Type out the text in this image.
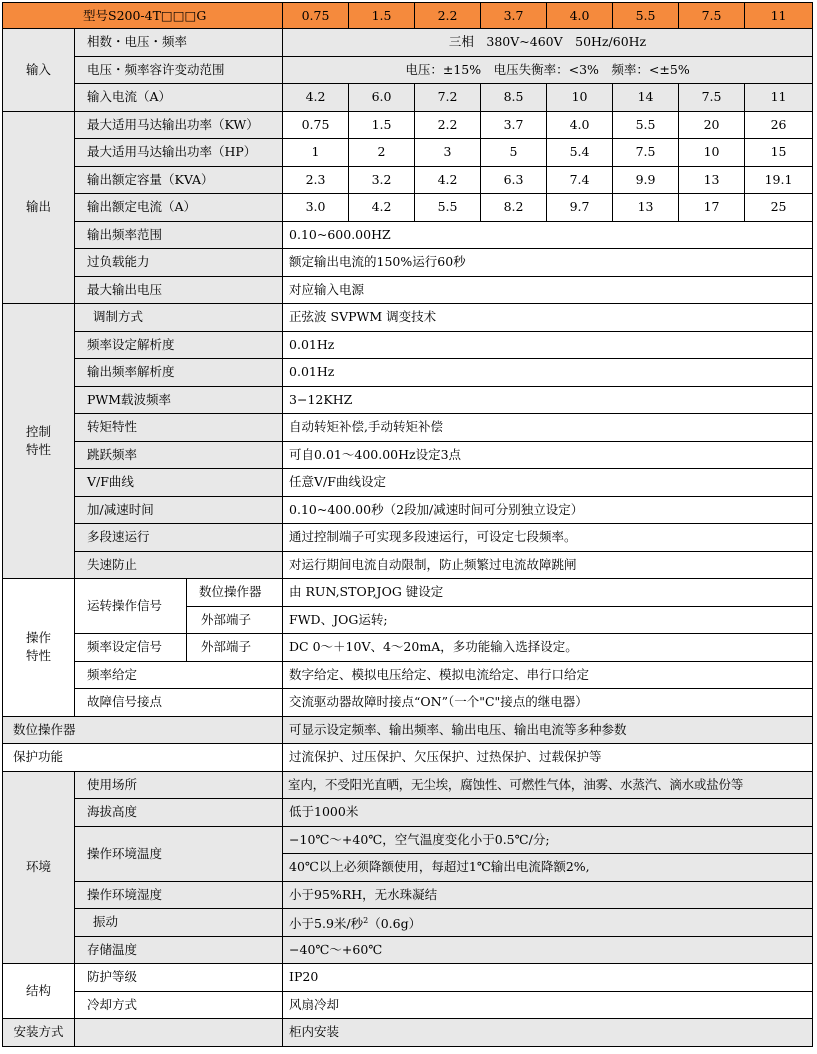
型号S200-4T□□□G			0.75	1.5	2.2	3.7	4.0	5.5	7.5	11
输入	相数・电压・频率		三相　380V~460V　50Hz/60Hz							
	电压・频率容许变动范围		电压：±15%　电压失衡率：<3%　频率：<±5%							
	输入电流（A）		4.2	6.0	7.2	8.5	10	14	7.5	11
输出	最大适用马达输出功率（KW）		0.75	1.5	2.2	3.7	4.0	5.5	20	26
	最大适用马达输出功率（HP）		1	2	3	5	5.4	7.5	10	15
	输出额定容量（KVA）		2.3	3.2	4.2	6.3	7.4	9.9	13	19.1
	输出额定电流（A）		3.0	4.2	5.5	8.2	9.7	13	17	25
	输出频率范围		0.10~600.00HZ							
	过负载能力		额定输出电流的150%运行60秒							
	最大输出电压		对应输入电源							

控制特性	调制方式		正弦波 SVPWM 调变技术							
	频率设定解析度		0.01Hz							
	输出频率解析度		0.01Hz							
	PWM载波频率		3−12KHZ							
	转矩特性		自动转矩补偿,手动转矩补偿							
	跳跃频率		可自0.01～400.00Hz设定3点							
	V/F曲线		任意V/F曲线设定							
	加/减速时间		0.10~400.00秒（2段加/减速时间可分别独立设定）							
	多段速运行		通过控制端子可实现多段速运行，可设定七段频率。							
	失速防止		对运行期间电流自动限制，防止频繁过电流故障跳闸							

操作特性	运转操作信号	数位操作器	由 RUN,STOP,JOG 键设定							
		外部端子	FWD、JOG运转;							
	频率设定信号	外部端子	DC 0～＋10V、4～20mA，多功能输入选择设定。							
	频率给定		数字给定、模拟电压给定、模拟电流给定、串行口给定							
	故障信号接点		交流驱动器故障时接点“ON”（一个"C"接点的继电器）							
数位操作器			可显示设定频率、输出频率、输出电压、输出电流等多种参数							
保护功能			过流保护、过压保护、欠压保护、过热保护、过载保护等							
环境	使用场所		室内，不受阳光直晒，无尘埃，腐蚀性、可燃性气体，油雾、水蒸汽、滴水或盐份等							
	海拔高度		低于1000米							
	操作环境温度		−10℃～+40℃，空气温度变化小于0.5℃/分;							
			40℃以上必须降额使用，每超过1℃输出电流降额2%,							
	操作环境湿度		小于95%RH，无水珠凝结							
	振动		小于5.9米/秒$^2$（0.6g）							
	存储温度		−40℃～+60℃							
结构	防护等级		IP20							
	冷却方式		风扇冷却							
安装方式			柜内安装							
